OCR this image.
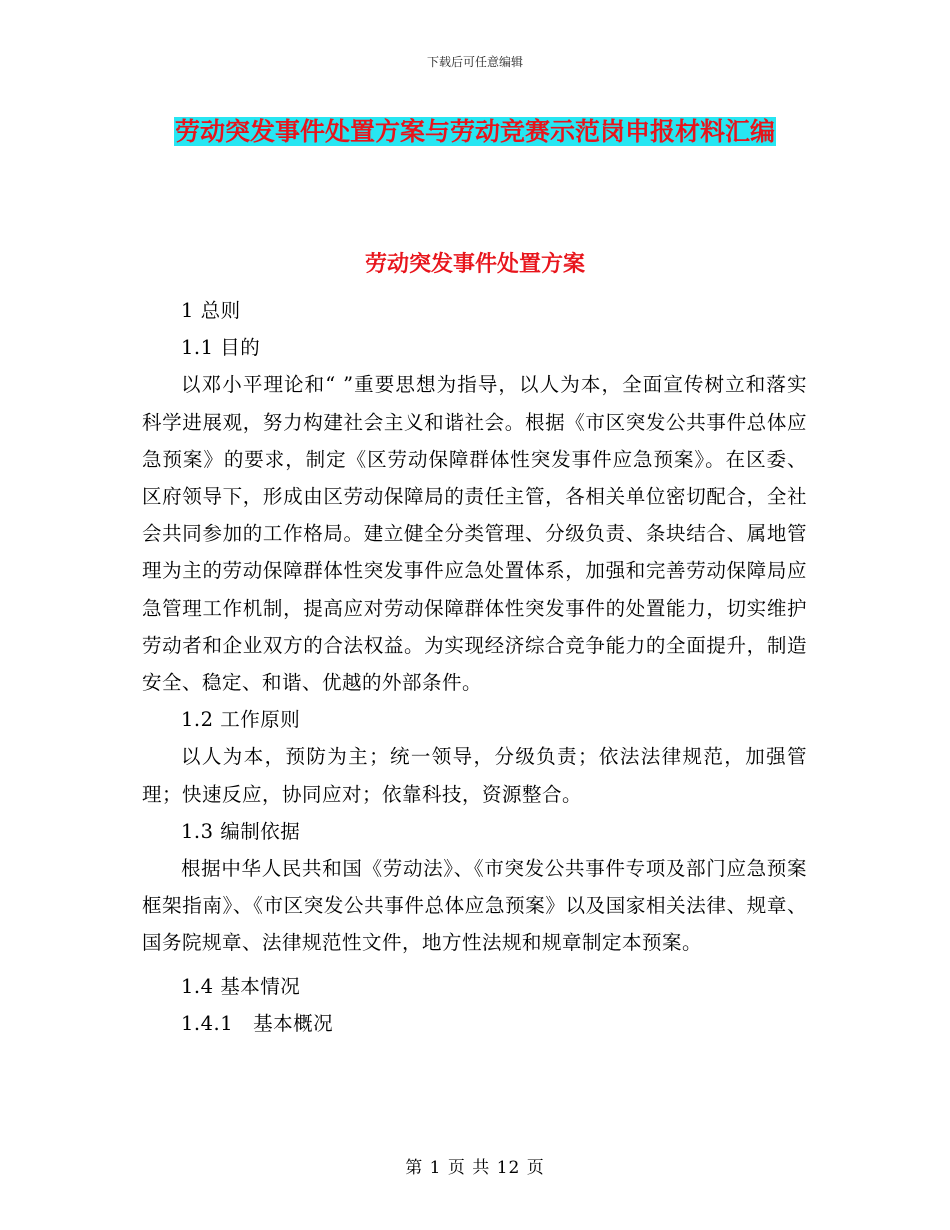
下载后可任意编辑
劳动突发事件处置方案与劳动竞赛示范岗申报材料汇编
劳动突发事件处置方案

1 总则

1.1 目的

以邓小平理论和“ ”重要思想为指导，以人为本，全面宣传树立和落实科学进展观，努力构建社会主义和谐社会。根据《市区突发公共事件总体应急预案》的要求，制定《区劳动保障群体性突发事件应急预案》。在区委、区府领导下，形成由区劳动保障局的责任主管，各相关单位密切配合，全社会共同参加的工作格局。建立健全分类管理、分级负责、条块结合、属地管理为主的劳动保障群体性突发事件应急处置体系，加强和完善劳动保障局应急管理工作机制，提高应对劳动保障群体性突发事件的处置能力，切实维护劳动者和企业双方的合法权益。为实现经济综合竞争能力的全面提升，制造安全、稳定、和谐、优越的外部条件。

1.2 工作原则

以人为本，预防为主；统一领导，分级负责；依法法律规范，加强管理；快速反应，协同应对；依靠科技，资源整合。

1.3 编制依据

根据中华人民共和国《劳动法》、《市突发公共事件专项及部门应急预案框架指南》、《市区突发公共事件总体应急预案》以及国家相关法律、规章、国务院规章、法律规范性文件，地方性法规和规章制定本预案。

1.4 基本情况

1.4.1　基本概况

第 1 页 共 12 页
